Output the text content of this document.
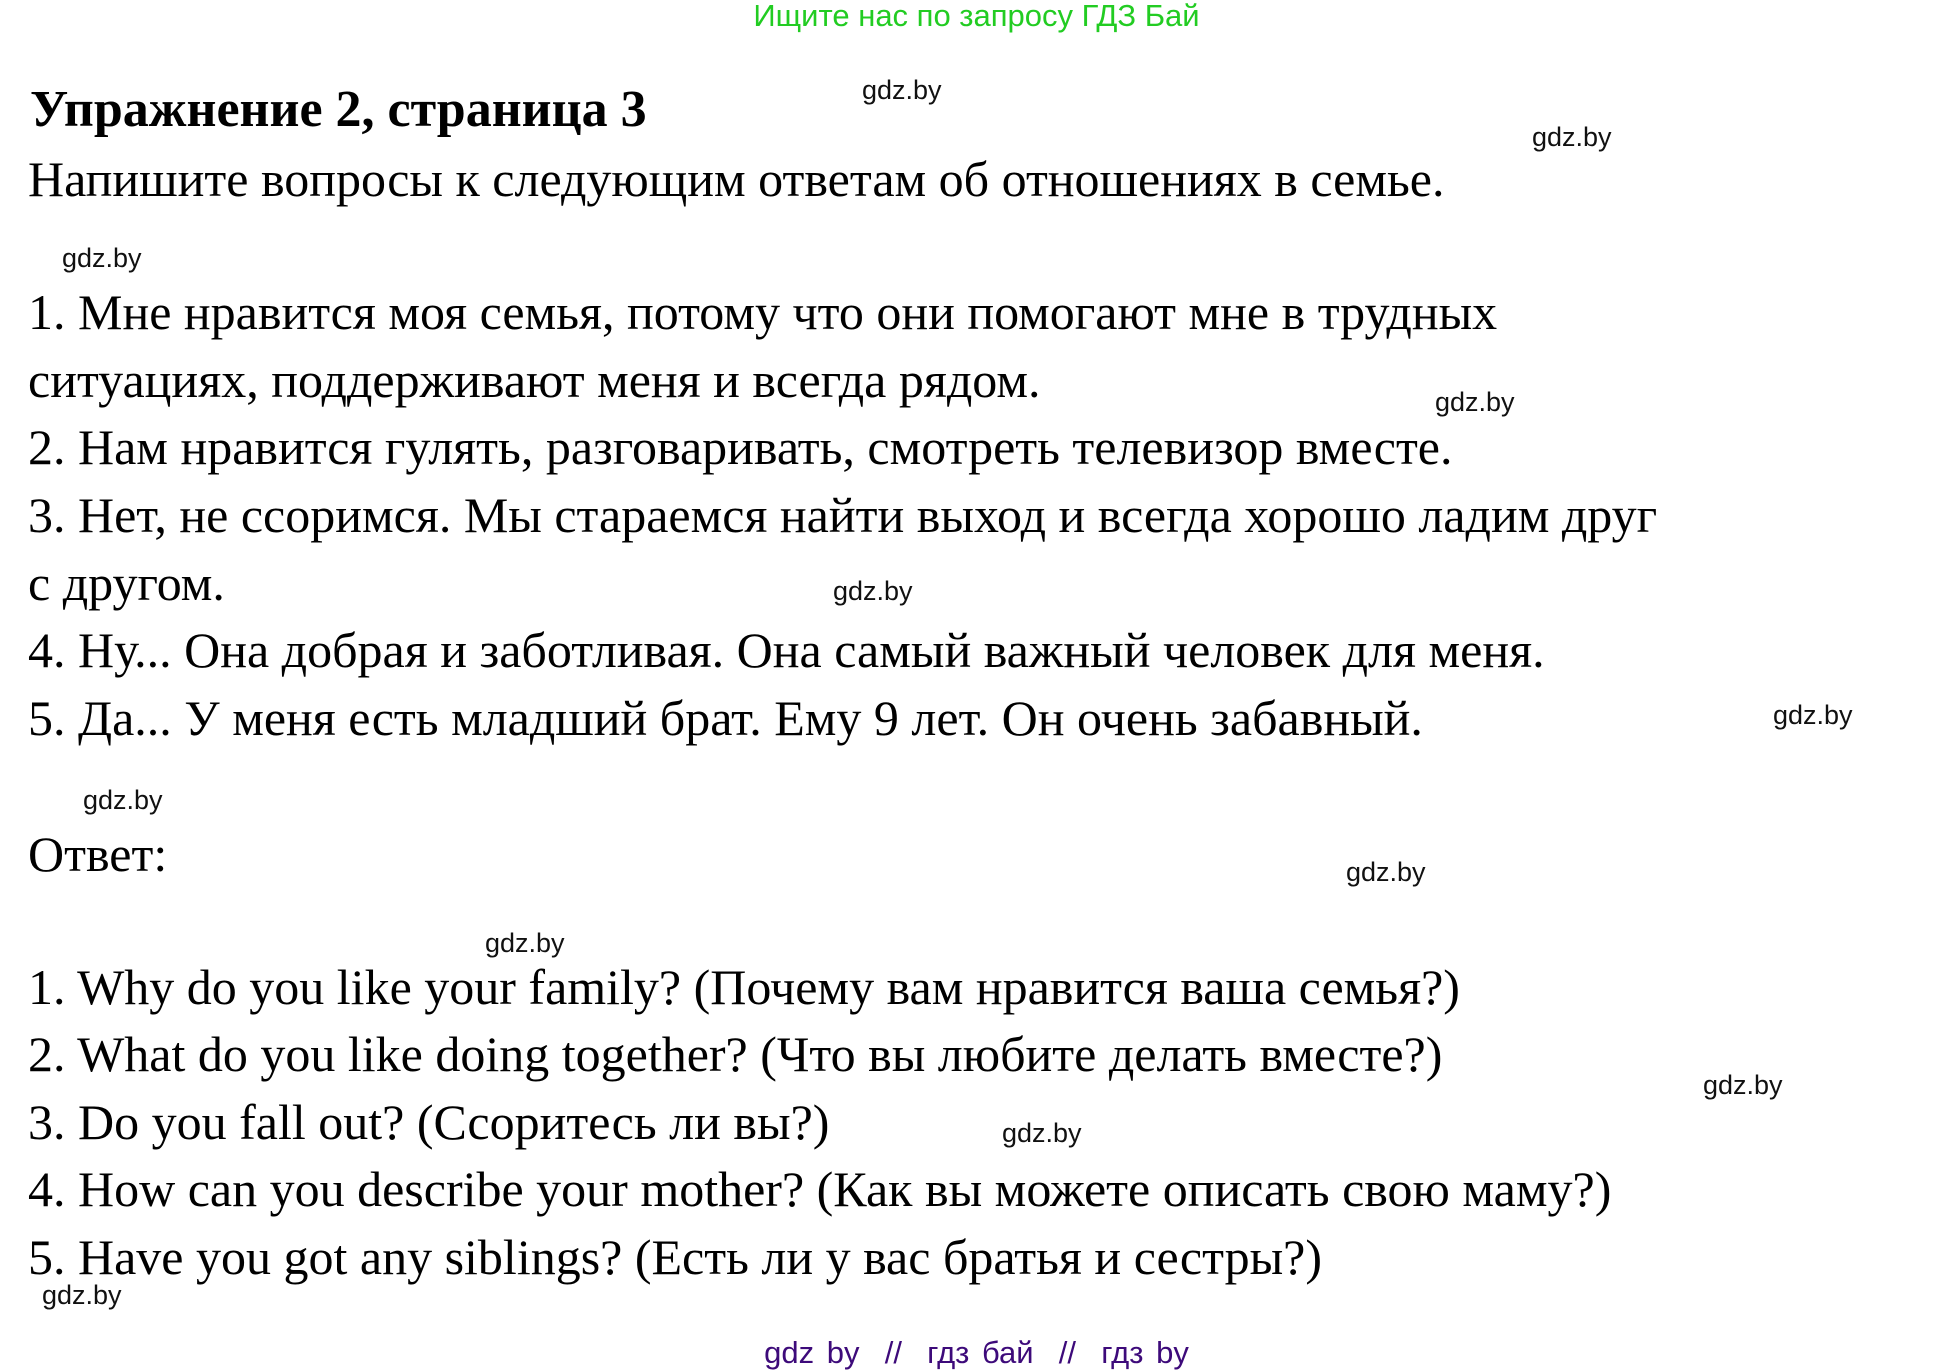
Ищите нас по запросу ГДЗ Бай
Упражнение 2, страница 3
Напишите вопросы к следующим ответам об отношениях в семье.
1. Мне нравится моя семья, потому что они помогают мне в трудных
ситуациях, поддерживают меня и всегда рядом.
2. Нам нравится гулять, разговаривать, смотреть телевизор вместе.
3. Нет, не ссоримся. Мы стараемся найти выход и всегда хорошо ладим друг
с другом.
4. Ну... Она добрая и заботливая. Она самый важный человек для меня.
5. Да... У меня есть младший брат. Ему 9 лет. Он очень забавный.
Ответ:
1. Why do you like your family? (Почему вам нравится ваша семья?)
2. What do you like doing together? (Что вы любите делать вместе?)
3. Do you fall out? (Ссоритесь ли вы?)
4. How can you describe your mother? (Как вы можете описать свою маму?)
5. Have you got any siblings? (Есть ли у вас братья и сестры?)
gdz.by
gdz.by
gdz.by
gdz.by
gdz.by
gdz.by
gdz.by
gdz.by
gdz.by
gdz.by
gdz.by
gdz.by
gdz by  //  гдз бай  //  гдз by
